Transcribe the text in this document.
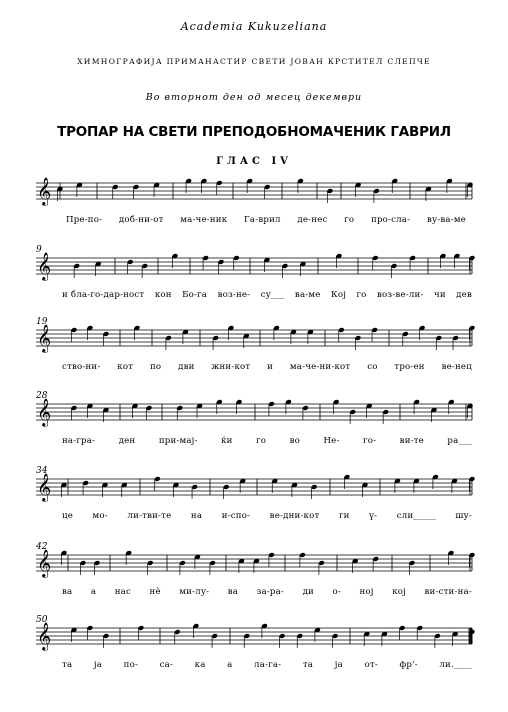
Academia Kukuzeliana
ХИМНОГРАФИЈА ПРИМАНАСТИР СВЕТИ ЈОВАН КРСТИТЕЛ СЛЕПЧЕ
Во вторнот ден од месец декември
ТРОПАР НА СВЕТИ ПРЕПОДОБНОМАЧЕНИК ГАВРИЛ
ГЛАС IV
𝄞
Пре-по- доб-ни-от ма-че-ник Га-врил де-нес го про-сла- ву-ва-ме
𝄞
9
и бла-го-дар-ност кон Бо-га воз-не- су___ ва-ме Кој го воз-ве-ли- чи дев
𝄞
19
ство-ни- кот по дви жни-кот и ма-че-ни-кот со тро-ен ве-нец
𝄞
28
на-гра-	ден	при-мај-	ќи	го	во	Не-	го-	ви-те	ра___
𝄞
34
це мо- ли-тви-те на и-спо- ве-дни-кот ги ү- сли_____ шу-
𝄞
42
ва а нас нѐ ми-лу- ва за-ра- ди о- ној кој ви-сти-на-
𝄞
50
та	ја	по-	са-	ка	а	ла-га-	та	ја	от-	фр'-	ли.____
